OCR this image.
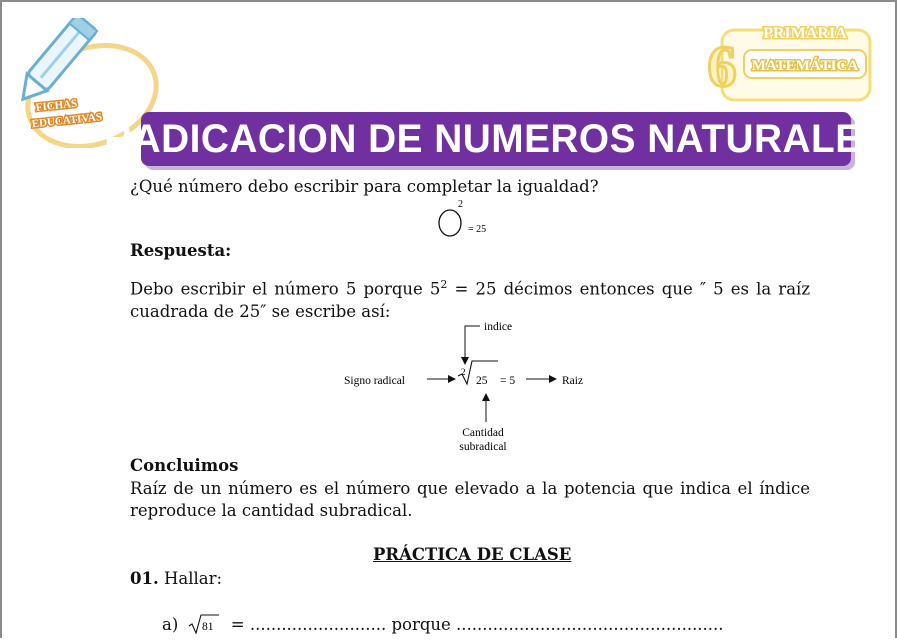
FICHAS
EDUCATIVAS
PRIMARIA
6 MATEMÁTICA
RADICACION DE NUMEROS NATURALES
¿Qué número debo escribir para completar la igualdad?
2
= 25
Respuesta:
Debo escribir el número 5 porque $5^2 = 25$ décimos entonces que ″ 5 es la raíz cuadrada de 25″ se escribe así:
indice
Signo radical
2
25 = 5	Raiz
Cantidad
subradical
Concluimos
Raíz de un número es el número que elevado a la potencia que indica el índice reproduce la cantidad subradical.
PRÁCTICA DE CLASE
01. Hallar:
a) 81 = .......................... porque ...................................................
